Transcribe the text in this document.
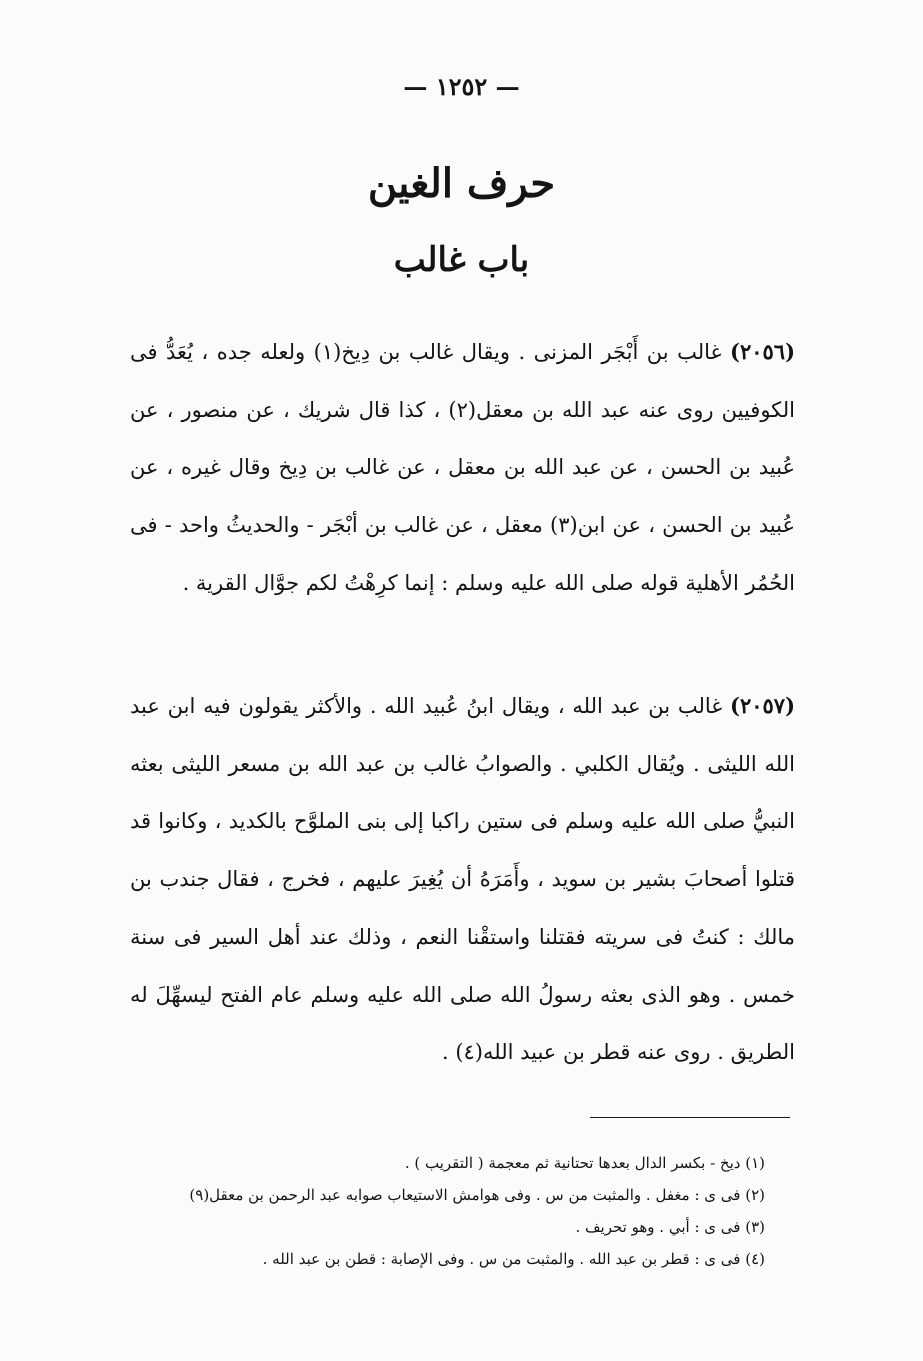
— ١٢٥٢ —
حرف الغين
باب غالب
(٢٠٥٦) غالب بن أَبْجَر المزنى . ويقال غالب بن دِيخ(١) ولعله جده ، يُعَدُّ فى الكوفيين روى عنه عبد الله بن معقل(٢) ، كذا قال شريك ، عن منصور ، عن عُبيد بن الحسن ، عن عبد الله بن معقل ، عن غالب بن دِيخ وقال غيره ، عن عُبيد بن الحسن ، عن ابن(٣) معقل ، عن غالب بن أبْجَر - والحديثُ واحد - فى الحُمُر الأهلية قوله صلى الله عليه وسلم : إنما كرِهْتُ لكم جوَّال القرية .
(٢٠٥٧) غالب بن عبد الله ، ويقال ابنُ عُبيد الله . والأكثر يقولون فيه ابن عبد الله الليثى . ويُقال الكلبي . والصوابُ غالب بن عبد الله بن مسعر الليثى بعثه النبيُّ صلى الله عليه وسلم فى ستين راكبا إلى بنى الملوَّح بالكديد ، وكانوا قد قتلوا أصحابَ بشير بن سويد ، وأَمَرَهُ أن يُغِيرَ عليهم ، فخرج ، فقال جندب بن مالك : كنتُ فى سريته فقتلنا واستقْنا النعم ، وذلك عند أهل السير فى سنة خمس . وهو الذى بعثه رسولُ الله صلى الله عليه وسلم عام الفتح ليسهِّلَ له الطريق . روى عنه قطر بن عبيد الله(٤) .
(١) ديخ - بكسر الدال بعدها تحتانية ثم معجمة ( التقريب ) .
(٢) فى ى : مغفل . والمثبت من س . وفى هوامش الاستيعاب صوابه عبد الرحمن بن معقل(٩)
(٣) فى ى : أبي . وهو تحريف .
(٤) فى ى : قطر بن عبد الله . والمثبت من س . وفى الإصابة : قطن بن عبد الله .
